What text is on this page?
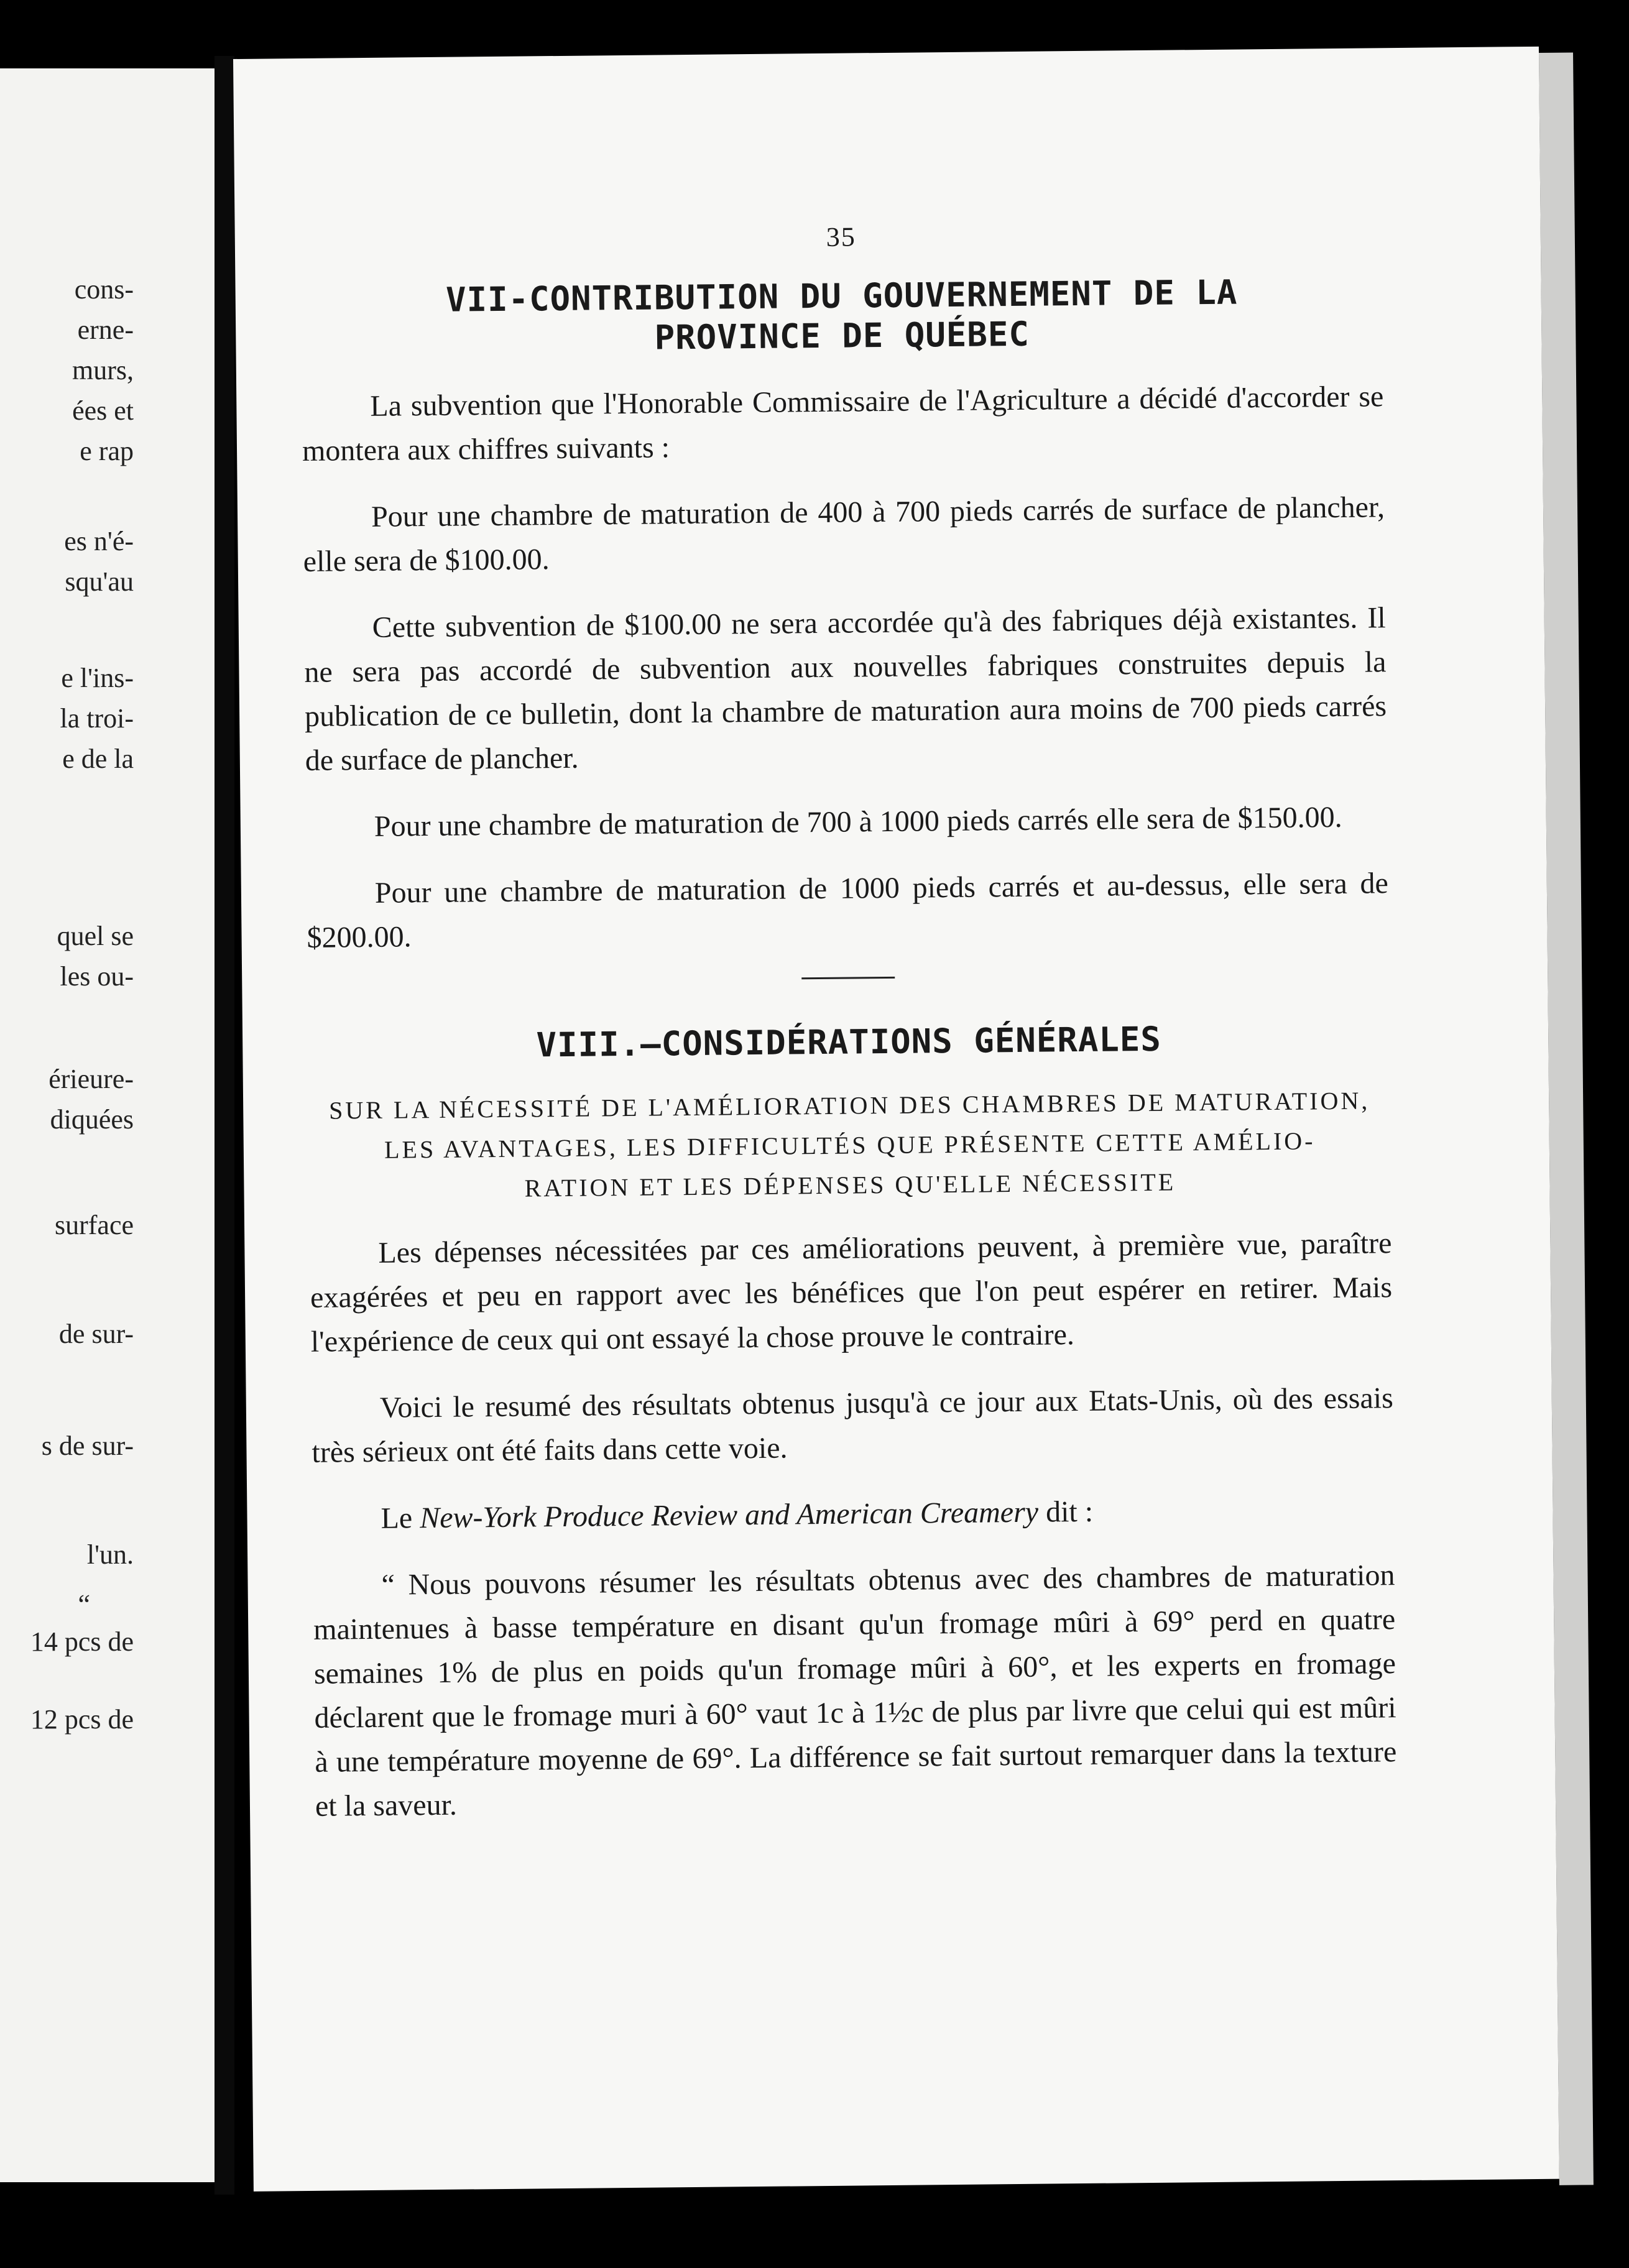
cons-
erne-
murs,
ées et
e rap
es n'é-
squ'au
e l'ins-
la troi-
e de la
quel se
les ou-
érieure-
diquées
surface
de sur-
s de sur-
l'un.
“
14 pcs de
12 pcs de
35
VII-CONTRIBUTION DU GOUVERNEMENT DE LA
PROVINCE DE QUÉBEC

La subvention que l'Honorable Commissaire de l'Agriculture a décidé d'accorder se montera aux chiffres suivants :

Pour une chambre de maturation de 400 à 700 pieds carrés de surface de plancher, elle sera de $100.00.

Cette subvention de $100.00 ne sera accordée qu'à des fabriques déjà existantes. Il ne sera pas accordé de subvention aux nouvelles fabriques construites depuis la publication de ce bulletin, dont la chambre de maturation aura moins de 700 pieds carrés de surface de plancher.

Pour une chambre de maturation de 700 à 1000 pieds carrés elle sera de $150.00.

Pour une chambre de maturation de 1000 pieds carrés et au-dessus, elle sera de $200.00.

VIII.—CONSIDÉRATIONS GÉNÉRALES
SUR LA NÉCESSITÉ DE L'AMÉLIORATION DES CHAMBRES DE MATURATION,
LES AVANTAGES, LES DIFFICULTÉS QUE PRÉSENTE CETTE AMÉLIO-
RATION ET LES DÉPENSES QU'ELLE NÉCESSITE

Les dépenses nécessitées par ces améliorations peuvent, à première vue, paraître exagérées et peu en rapport avec les bénéfices que l'on peut espérer en retirer. Mais l'expérience de ceux qui ont essayé la chose prouve le contraire.

Voici le resumé des résultats obtenus jusqu'à ce jour aux Etats-Unis, où des essais très sérieux ont été faits dans cette voie.

Le New-York Produce Review and American Creamery dit :

“ Nous pouvons résumer les résultats obtenus avec des chambres de maturation maintenues à basse température en disant qu'un fromage mûri à 69° perd en quatre semaines 1% de plus en poids qu'un fromage mûri à 60°, et les experts en fromage déclarent que le fromage muri à 60° vaut 1c à 1½c de plus par livre que celui qui est mûri à une température moyenne de 69°. La différence se fait surtout remarquer dans la texture et la saveur.
